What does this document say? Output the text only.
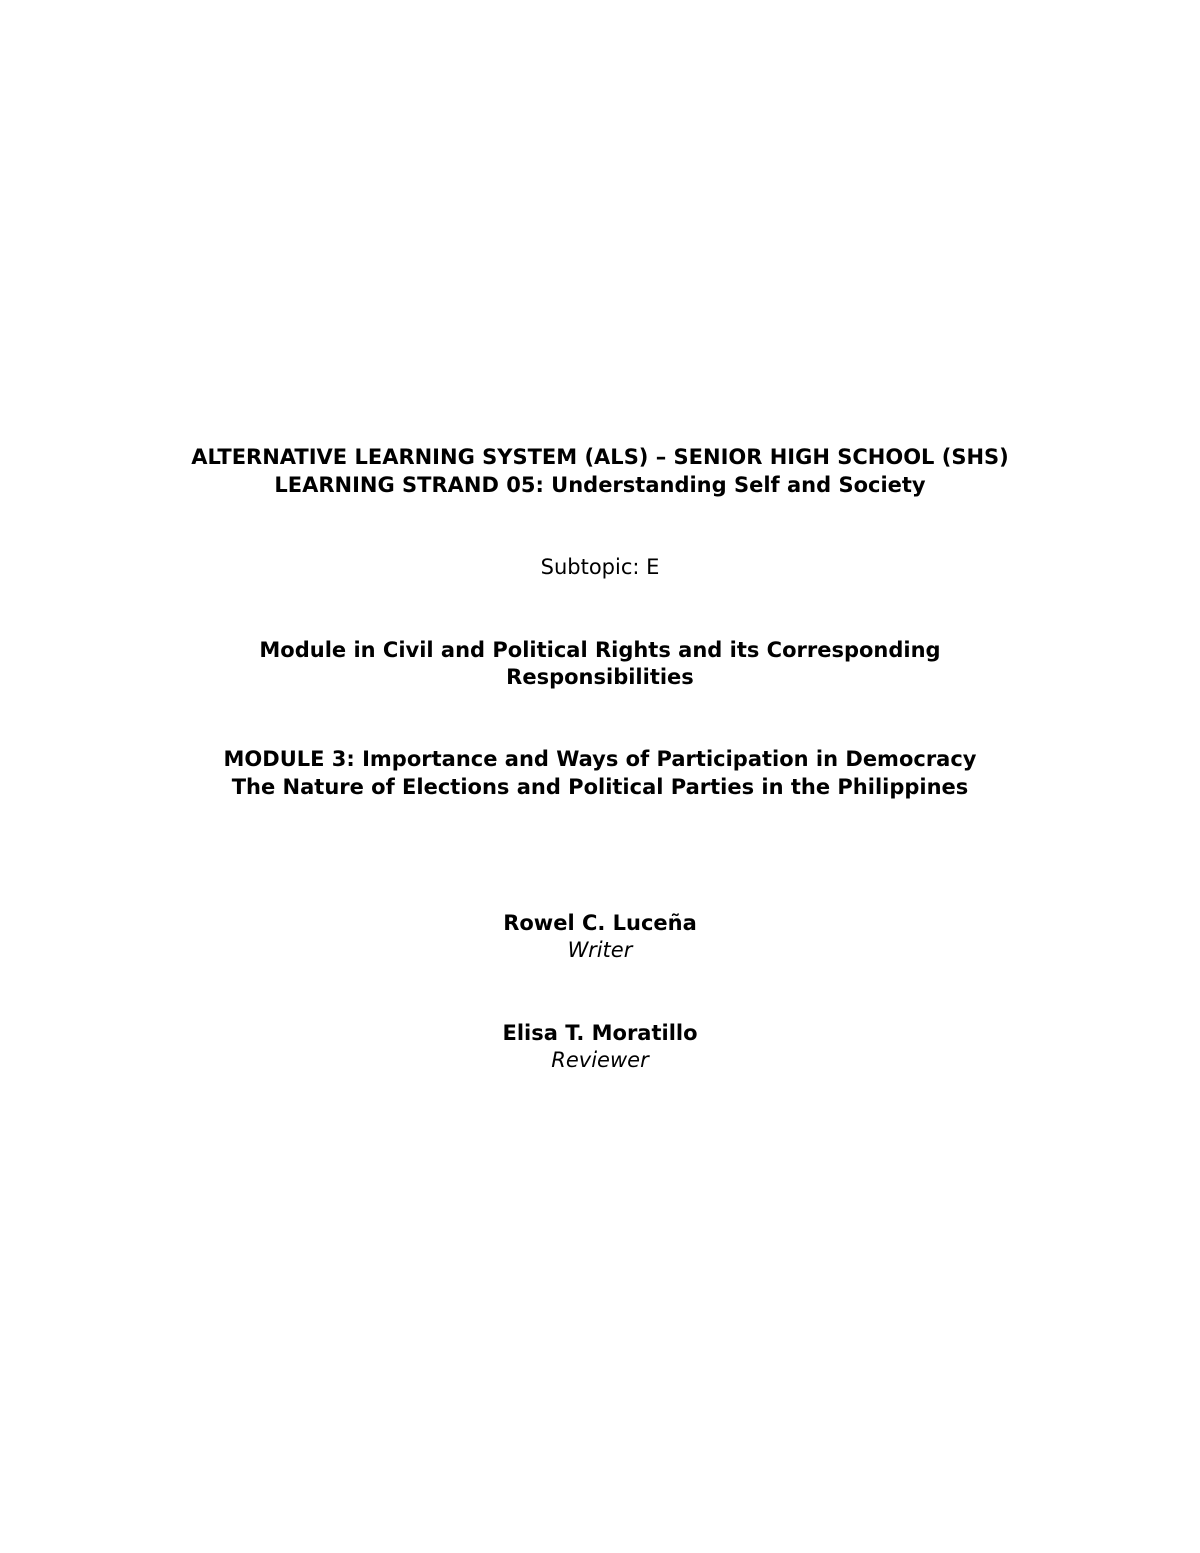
ALTERNATIVE LEARNING SYSTEM (ALS) – SENIOR HIGH SCHOOL (SHS)
LEARNING STRAND 05: Understanding Self and Society
Subtopic: E
Module in Civil and Political Rights and its Corresponding
Responsibilities
MODULE 3: Importance and Ways of Participation in Democracy
The Nature of Elections and Political Parties in the Philippines
Rowel C. Luceña
Writer
Elisa T. Moratillo
Reviewer
